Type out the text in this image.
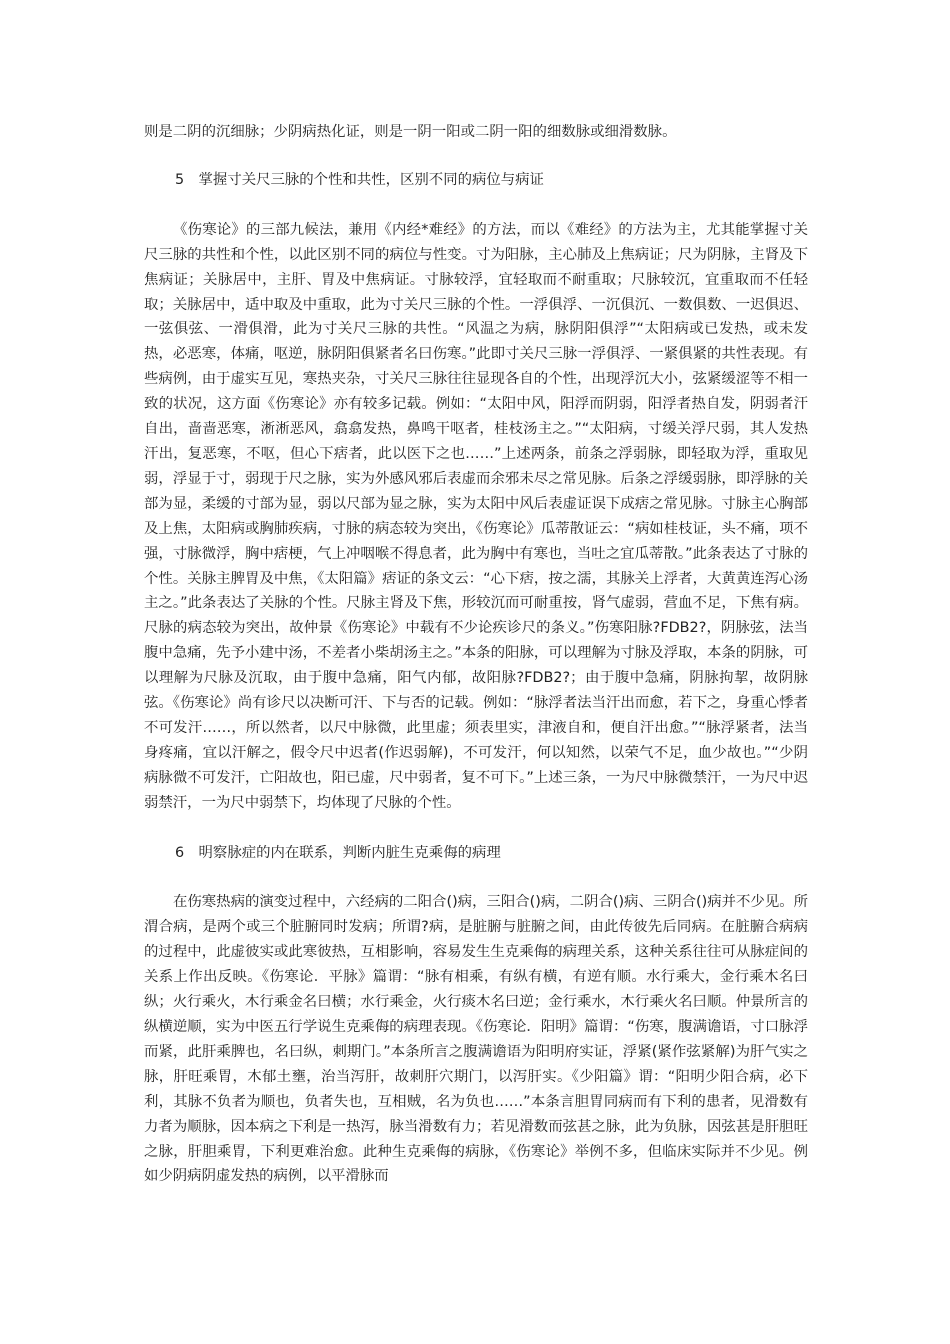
则是二阴的沉细脉；少阴病热化证，则是一阴一阳或二阴一阳的细数脉或细滑数脉。

5　掌握寸关尺三脉的个性和共性，区别不同的病位与病证

《伤寒论》的三部九候法，兼用《内经*难经》的方法，而以《难经》的方法为主，尤其能掌握寸关尺三脉的共性和个性，以此区别不同的病位与性变。寸为阳脉，主心肺及上焦病证；尺为阴脉，主肾及下焦病证；关脉居中，主肝、胃及中焦病证。寸脉较浮，宜轻取而不耐重取；尺脉较沉，宜重取而不任轻取；关脉居中，适中取及中重取，此为寸关尺三脉的个性。一浮俱浮、一沉俱沉、一数俱数、一迟俱迟、一弦俱弦、一滑俱滑，此为寸关尺三脉的共性。“风温之为病，脉阴阳俱浮”“太阳病或已发热，或未发热，必恶寒，体痛，呕逆，脉阴阳俱紧者名曰伤寒。”此即寸关尺三脉一浮俱浮、一紧俱紧的共性表现。有些病例，由于虚实互见，寒热夹杂，寸关尺三脉往往显现各自的个性，出现浮沉大小，弦紧缓涩等不相一致的状况，这方面《伤寒论》亦有较多记载。例如：“太阳中风，阳浮而阴弱，阳浮者热自发，阴弱者汗自出，啬啬恶寒，淅淅恶风，翕翕发热，鼻鸣干呕者，桂枝汤主之。”“太阳病，寸缓关浮尺弱，其人发热汗出，复恶寒，不呕，但心下痞者，此以医下之也……”上述两条，前条之浮弱脉，即轻取为浮，重取见弱，浮显于寸，弱现于尺之脉，实为外感风邪后表虚而余邪未尽之常见脉。后条之浮缓弱脉，即浮脉的关部为显，柔缓的寸部为显，弱以尺部为显之脉，实为太阳中风后表虚证误下成痞之常见脉。寸脉主心胸部及上焦，太阳病或胸肺疾病，寸脉的病态较为突出，《伤寒论》瓜蒂散证云：“病如桂枝证，头不痛，项不强，寸脉微浮，胸中痞梗，气上冲咽喉不得息者，此为胸中有寒也，当吐之宜瓜蒂散。”此条表达了寸脉的个性。关脉主脾胃及中焦，《太阳篇》痞证的条文云：“心下痞，按之濡，其脉关上浮者，大黄黄连泻心汤主之。”此条表达了关脉的个性。尺脉主肾及下焦，形较沉而可耐重按，肾气虚弱，营血不足，下焦有病。尺脉的病态较为突出，故仲景《伤寒论》中载有不少论疾诊尺的条义。”伤寒阳脉?FDB2?，阴脉弦，法当腹中急痛，先予小建中汤，不差者小柴胡汤主之。”本条的阳脉，可以理解为寸脉及浮取，本条的阴脉，可以理解为尺脉及沉取，由于腹中急痛，阳气内郁，故阳脉?FDB2?；由于腹中急痛，阴脉拘挈，故阴脉弦。《伤寒论》尚有诊尺以决断可汗、下与否的记载。例如：“脉浮者法当汗出而愈，若下之，身重心悸者不可发汗……，所以然者，以尺中脉微，此里虚；须表里实，津液自和，便自汗出愈。”“脉浮紧者，法当身疼痛，宜以汗解之，假令尺中迟者(作迟弱解)，不可发汗，何以知然，以荣气不足，血少故也。”“少阴病脉微不可发汗，亡阳故也，阳已虚，尺中弱者，复不可下。”上述三条，一为尺中脉微禁汗，一为尺中迟弱禁汗，一为尺中弱禁下，均体现了尺脉的个性。

6　明察脉症的内在联系，判断内脏生克乘侮的病理

在伤寒热病的演变过程中，六经病的二阳合()病，三阳合()病，二阴合()病、三阴合()病并不少见。所渭合病，是两个或三个脏腑同时发病；所谓?病，是脏腑与脏腑之间，由此传彼先后同病。在脏腑合病病的过程中，此虚彼实或此寒彼热，互相影响，容易发生生克乘侮的病理关系，这种关系往往可从脉症间的关系上作出反映。《伤寒论．平脉》篇谓：“脉有相乘，有纵有横，有逆有顺。水行乘大，金行乘木名曰纵；火行乘火，木行乘金名曰横；水行乘金，火行痰木名曰逆；金行乘水，木行乘火名曰顺。仲景所言的纵横逆顺，实为中医五行学说生克乘侮的病理表现。《伤寒论．阳明》篇谓：“伤寒，腹满谵语，寸口脉浮而紧，此肝乘脾也，名曰纵，刺期门。”本条所言之腹满谵语为阳明府实证，浮紧(紧作弦紧解)为肝气实之脉，肝旺乘胃，木郁土壅，治当泻肝，故刺肝穴期门，以泻肝实。《少阳篇》谓：“阳明少阳合病，必下利，其脉不负者为顺也，负者失也，互相贼，名为负也……”本条言胆胃同病而有下利的患者，见滑数有力者为顺脉，因本病之下利是一热泻，脉当滑数有力；若见滑数而弦甚之脉，此为负脉，因弦甚是肝胆旺之脉，肝胆乘胃，下利更难治愈。此种生克乘侮的病脉，《伤寒论》举例不多，但临床实际并不少见。例如少阴病阴虚发热的病例，以平滑脉而
